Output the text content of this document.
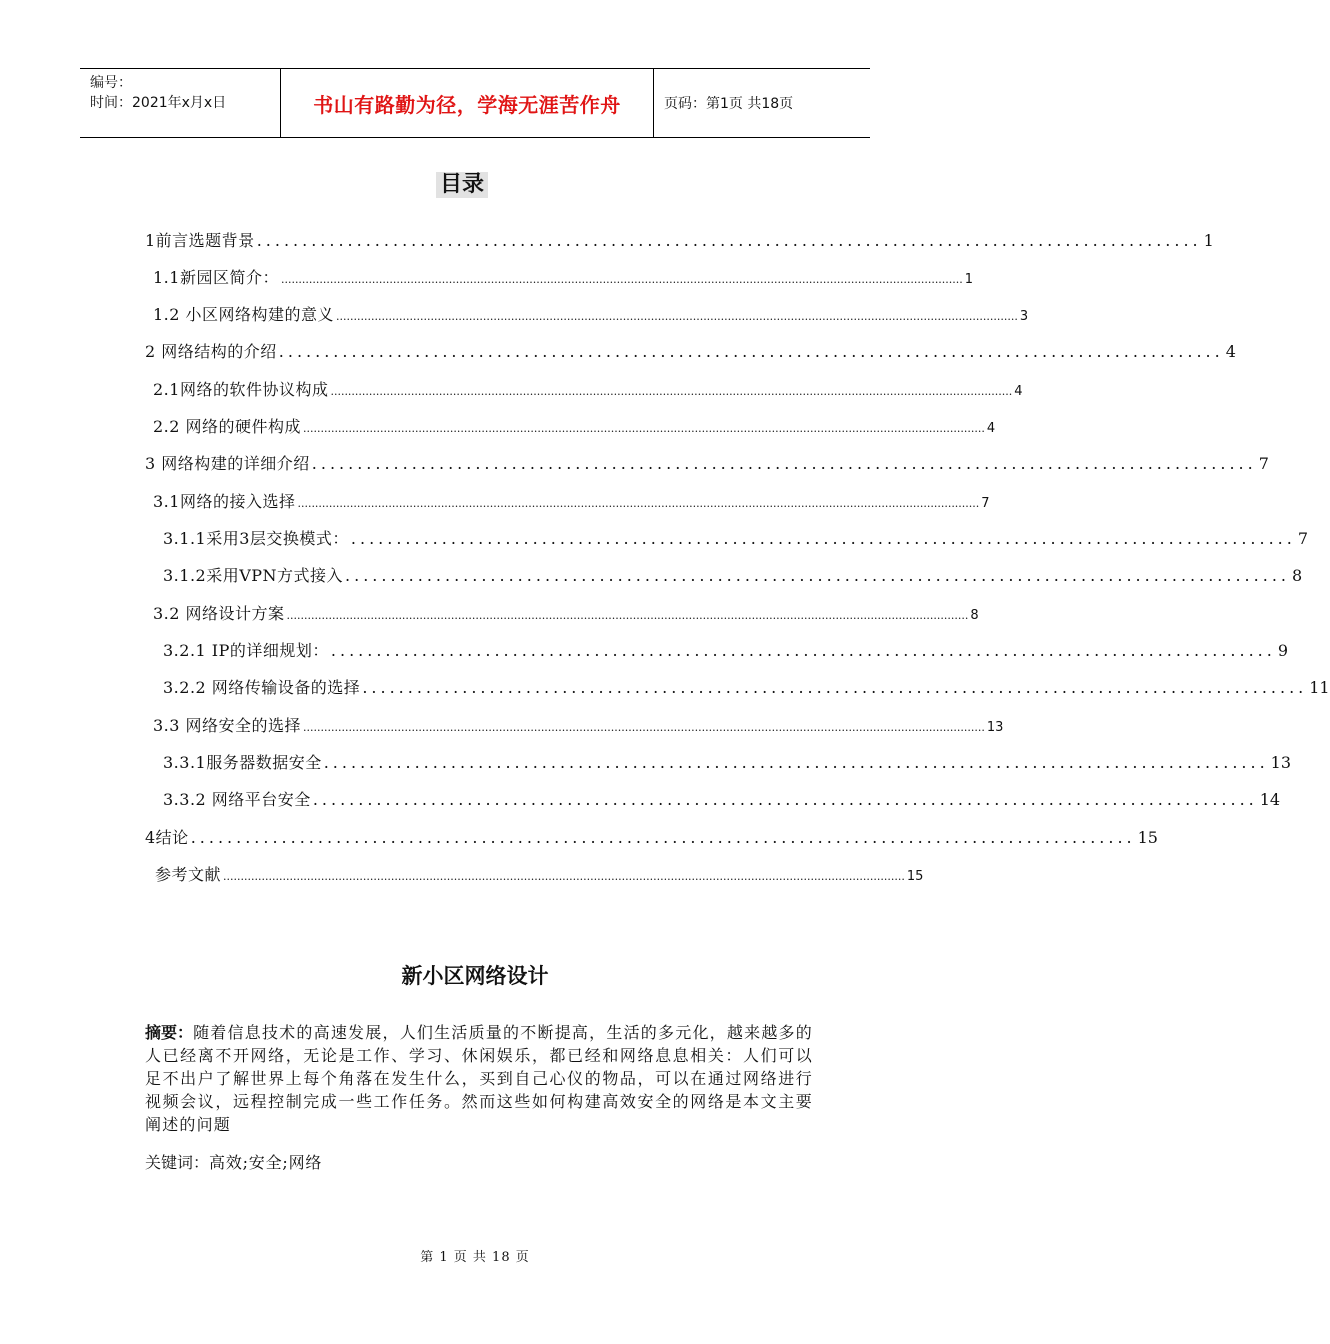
编号：
时间：2021年x月x日	书山有路勤为径，学海无涯苦作舟	页码：第1页 共18页
目录
1前言选题背景 ........................................................................................................ 1
1.1新园区简介： ................................................................................................................................................................................................... 1
1.2 小区网络构建的意义 ................................................................................................................................................................................................... 3
2 网络结构的介绍 ........................................................................................................ 4
2.1网络的软件协议构成 ................................................................................................................................................................................................... 4
2.2 网络的硬件构成 ................................................................................................................................................................................................... 4
3 网络构建的详细介绍 ........................................................................................................ 7
3.1网络的接入选择 ................................................................................................................................................................................................... 7
3.1.1采用3层交换模式： ........................................................................................................ 7
3.1.2采用VPN方式接入 ........................................................................................................ 8
3.2 网络设计方案 ................................................................................................................................................................................................... 8
3.2.1 IP的详细规划： ........................................................................................................ 9
3.2.2 网络传输设备的选择 ........................................................................................................ 11
3.3 网络安全的选择 ................................................................................................................................................................................................... 13
3.3.1服务器数据安全 ........................................................................................................ 13
3.3.2 网络平台安全 ........................................................................................................ 14
4结论 ........................................................................................................ 15
参考文献 ................................................................................................................................................................................................... 15
新小区网络设计
摘要：随着信息技术的高速发展，人们生活质量的不断提高，生活的多元化，越来越多的人已经离不开网络，无论是工作、学习、休闲娱乐，都已经和网络息息相关：人们可以足不出户了解世界上每个角落在发生什么，买到自己心仪的物品，可以在通过网络进行视频会议，远程控制完成一些工作任务。然而这些如何构建高效安全的网络是本文主要阐述的问题
关键词：高效;安全;网络
第 1 页 共 18 页
